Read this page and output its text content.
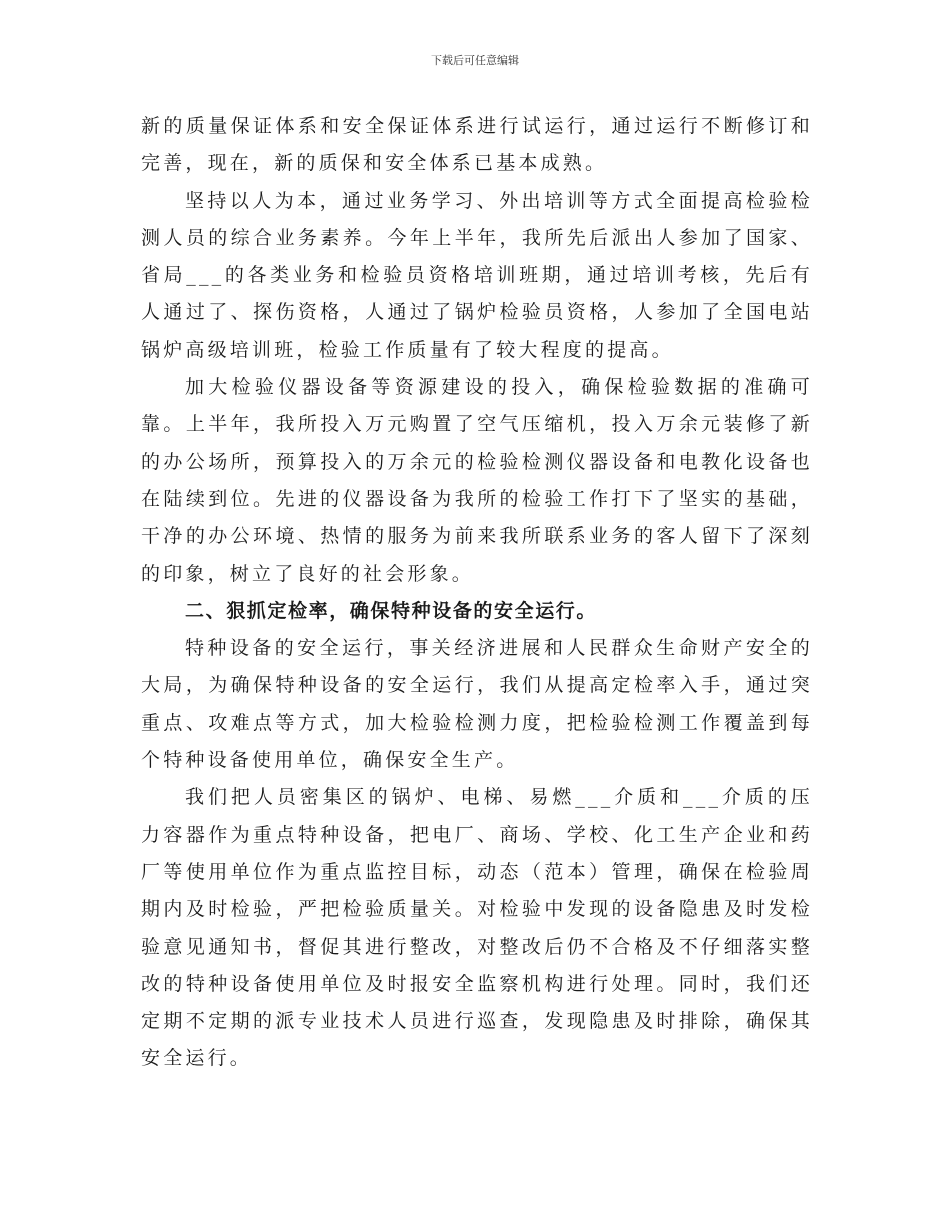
下载后可任意编辑

新的质量保证体系和安全保证体系进行试运行，通过运行不断修订和完善，现在，新的质保和安全体系已基本成熟。

坚持以人为本，通过业务学习、外出培训等方式全面提高检验检测人员的综合业务素养。今年上半年，我所先后派出人参加了国家、省局___的各类业务和检验员资格培训班期，通过培训考核，先后有人通过了、探伤资格，人通过了锅炉检验员资格，人参加了全国电站锅炉高级培训班，检验工作质量有了较大程度的提高。

加大检验仪器设备等资源建设的投入，确保检验数据的准确可靠。上半年，我所投入万元购置了空气压缩机，投入万余元装修了新的办公场所，预算投入的万余元的检验检测仪器设备和电教化设备也在陆续到位。先进的仪器设备为我所的检验工作打下了坚实的基础，干净的办公环境、热情的服务为前来我所联系业务的客人留下了深刻的印象，树立了良好的社会形象。

二、狠抓定检率，确保特种设备的安全运行。

特种设备的安全运行，事关经济进展和人民群众生命财产安全的大局，为确保特种设备的安全运行，我们从提高定检率入手，通过突重点、攻难点等方式，加大检验检测力度，把检验检测工作覆盖到每个特种设备使用单位，确保安全生产。

我们把人员密集区的锅炉、电梯、易燃___介质和___介质的压力容器作为重点特种设备，把电厂、商场、学校、化工生产企业和药厂等使用单位作为重点监控目标，动态（范本）管理，确保在检验周期内及时检验，严把检验质量关。对检验中发现的设备隐患及时发检验意见通知书，督促其进行整改，对整改后仍不合格及不仔细落实整改的特种设备使用单位及时报安全监察机构进行处理。同时，我们还定期不定期的派专业技术人员进行巡查，发现隐患及时排除，确保其安全运行。
